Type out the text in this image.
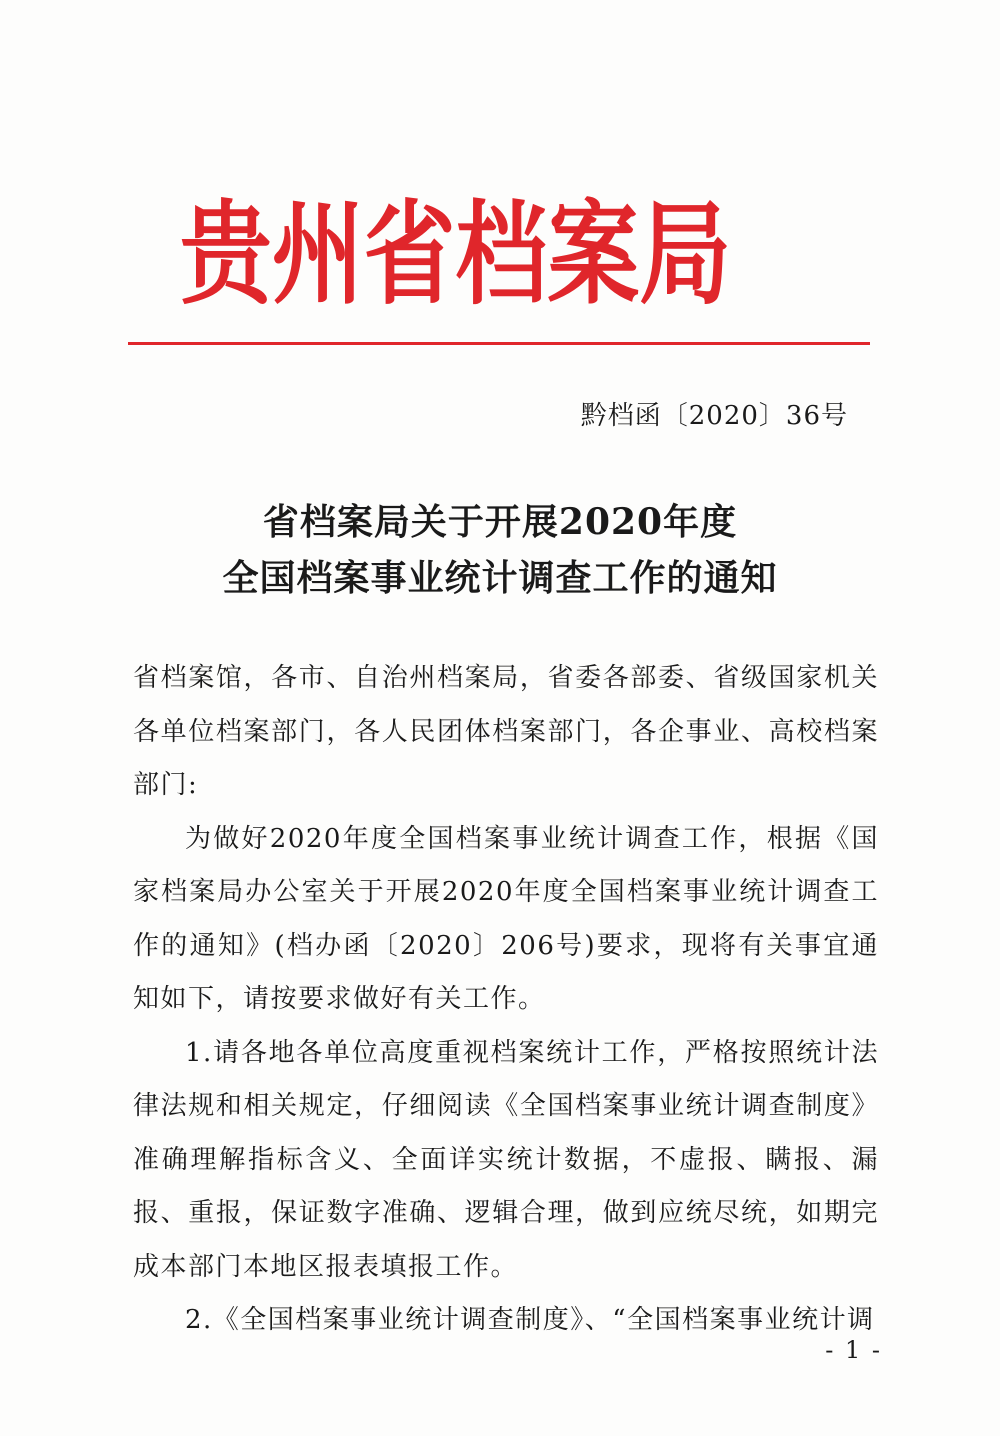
贵 州 省 档 案 局
黔档函〔2020〕36号
省档案局关于开展2020年度
全国档案事业统计调查工作的通知

省档案馆，各市、自治州档案局，省委各部委、省级国家机关各单位档案部门，各人民团体档案部门，各企事业、高校档案部门:

为做好2020年度全国档案事业统计调查工作，根据《国家档案局办公室关于开展2020年度全国档案事业统计调查工作的通知》(档办函〔2020〕206号)要求，现将有关事宜通知如下，请按要求做好有关工作。

1.请各地各单位高度重视档案统计工作，严格按照统计法律法规和相关规定，仔细阅读《全国档案事业统计调查制度》准确理解指标含义、全面详实统计数据，不虚报、瞒报、漏报、重报，保证数字准确、逻辑合理，做到应统尽统，如期完成本部门本地区报表填报工作。

2.《全国档案事业统计调查制度》、“全国档案事业统计调

- 1 -
